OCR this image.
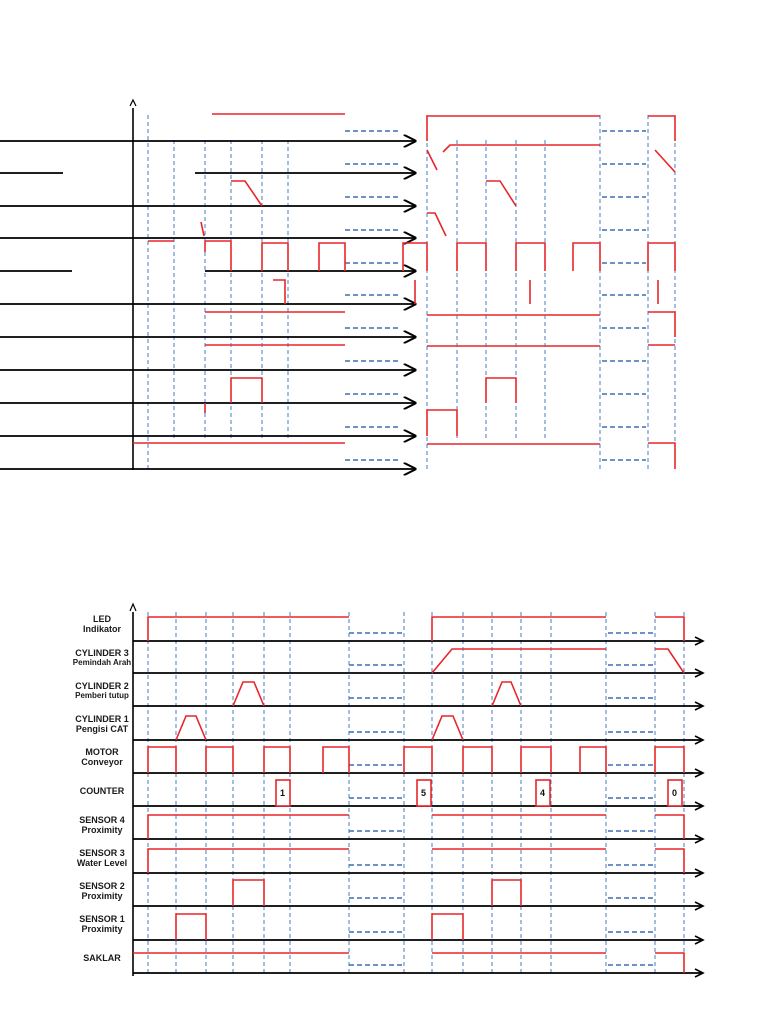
LED
Indikator
CYLINDER 3
Pemindah Arah
CYLINDER 2
Pemberi tutup
CYLINDER 1
Pengisi CAT
MOTOR
Conveyor
COUNTER
SENSOR 4
Proximity
SENSOR 3
Water Level
SENSOR 2
Proximity
SENSOR 1
Proximity
SAKLAR
1	5	4	0
